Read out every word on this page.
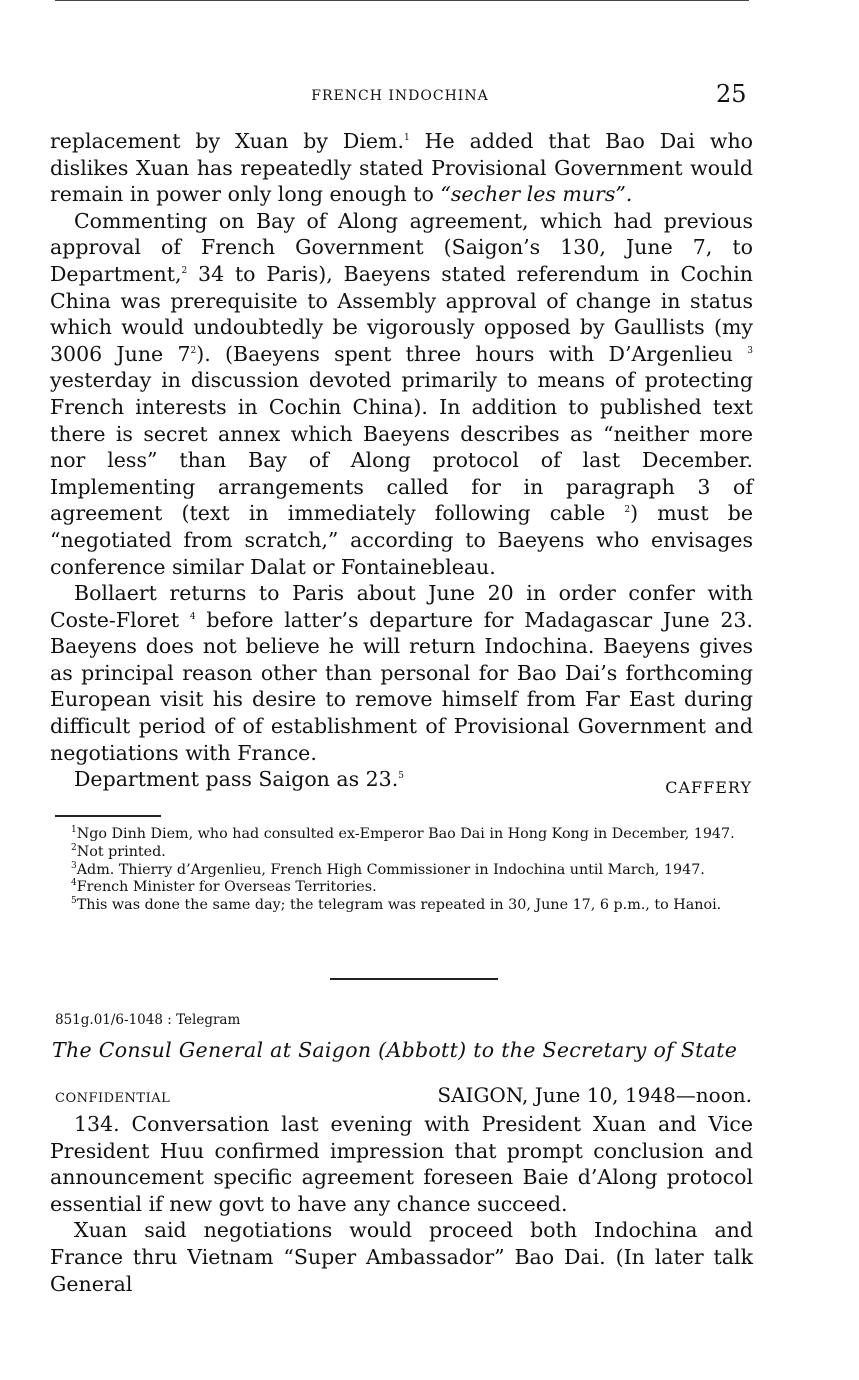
FRENCH INDOCHINA	25

replacement by Xuan by Diem.$^1$ He added that Bao Dai who dislikes Xuan has repeatedly stated Provisional Government would remain in power only long enough to “secher les murs”.

Commenting on Bay of Along agreement, which had previous approval of French Government (Saigon’s 130, June 7, to Department,$^2$ 34 to Paris), Baeyens stated referendum in Cochin China was prerequisite to Assembly approval of change in status which would undoubtedly be vigorously opposed by Gaullists (my 3006 June $7^2$). (Baeyens spent three hours with D’Argenlieu $^3$ yesterday in discussion devoted primarily to means of protecting French interests in Cochin China). In addition to published text there is secret annex which Baeyens describes as “neither more nor less” than Bay of Along protocol of last December. Implementing arrangements called for in paragraph 3 of agreement (text in immediately following cable $^2$) must be “negotiated from scratch,” according to Baeyens who envisages conference similar Dalat or Fontainebleau.

Bollaert returns to Paris about June 20 in order confer with Coste-Floret $^4$ before latter’s departure for Madagascar June 23. Baeyens does not believe he will return Indochina. Baeyens gives as principal reason other than personal for Bao Dai’s forthcoming European visit his desire to remove himself from Far East during difficult period of of establishment of Provisional Government and negotiations with France.

Department pass Saigon as 23.$^5$

CAFFERY

$^1$Ngo Dinh Diem, who had consulted ex-Emperor Bao Dai in Hong Kong in December, 1947.

$^2$Not printed.

$^3$Adm. Thierry d’Argenlieu, French High Commissioner in Indochina until March, 1947.

$^4$French Minister for Overseas Territories.

$^5$This was done the same day; the telegram was repeated in 30, June 17, 6 p.m., to Hanoi.

851g.01/6-1048 : Telegram
The Consul General at Saigon (Abbott) to the Secretary of State
CONFIDENTIAL	SAIGON, June 10, 1948—noon.

134. Conversation last evening with President Xuan and Vice President Huu confirmed impression that prompt conclusion and announcement specific agreement foreseen Baie d’Along protocol essential if new govt to have any chance succeed.

Xuan said negotiations would proceed both Indochina and France thru Vietnam “Super Ambassador” Bao Dai. (In later talk General
